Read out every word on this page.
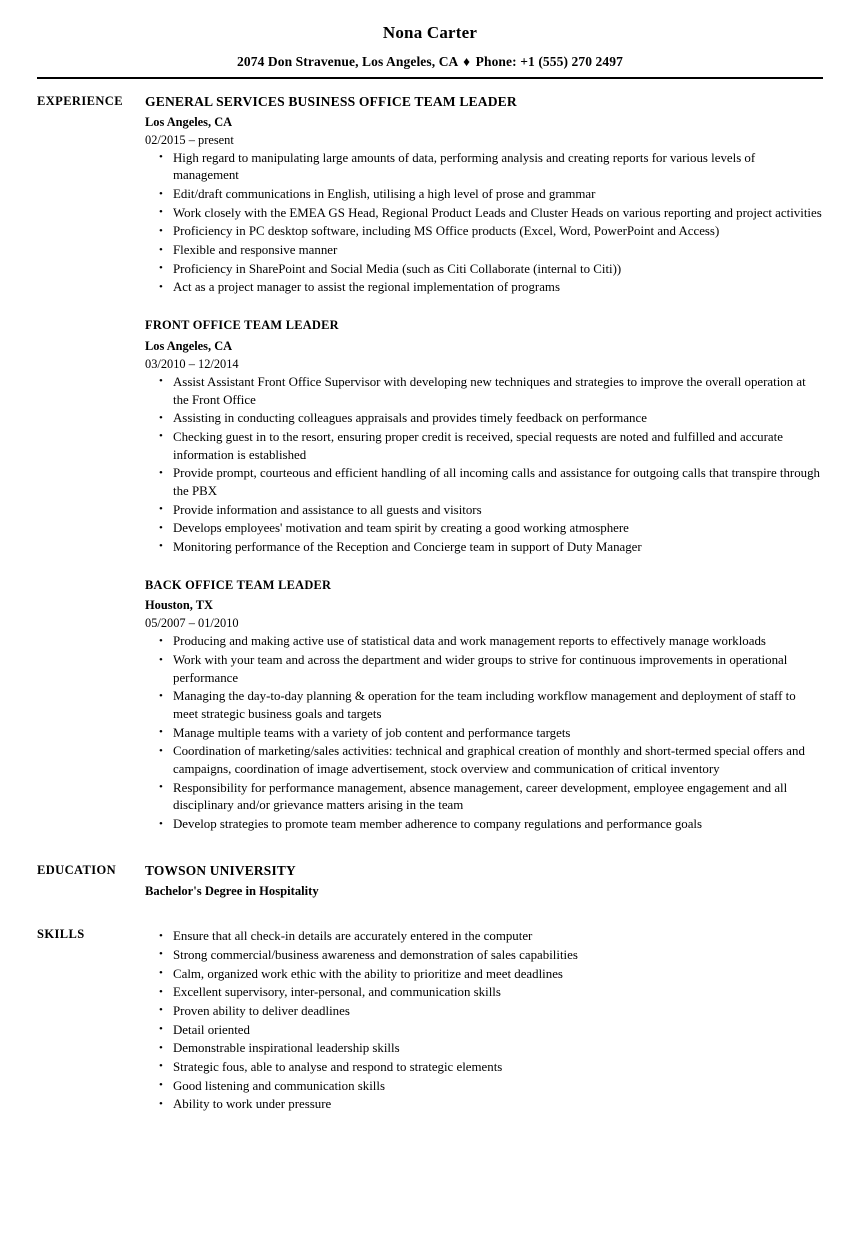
Nona Carter
2074 Don Stravenue, Los Angeles, CA ♦ Phone: +1 (555) 270 2497
EXPERIENCE	GENERAL SERVICES BUSINESS OFFICE TEAM LEADER
Los Angeles, CA
02/2015 – present
• High regard to manipulating large amounts of data, performing analysis and creating reports for various levels of management
• Edit/draft communications in English, utilising a high level of prose and grammar
• Work closely with the EMEA GS Head, Regional Product Leads and Cluster Heads on various reporting and project activities
• Proficiency in PC desktop software, including MS Office products (Excel, Word, PowerPoint and Access)
• Flexible and responsive manner
• Proficiency in SharePoint and Social Media (such as Citi Collaborate (internal to Citi))
• Act as a project manager to assist the regional implementation of programs
FRONT OFFICE TEAM LEADER
Los Angeles, CA
03/2010 – 12/2014
• Assist Assistant Front Office Supervisor with developing new techniques and strategies to improve the overall operation at the Front Office
• Assisting in conducting colleagues appraisals and provides timely feedback on performance
• Checking guest in to the resort, ensuring proper credit is received, special requests are noted and fulfilled and accurate information is established
• Provide prompt, courteous and efficient handling of all incoming calls and assistance for outgoing calls that transpire through the PBX
• Provide information and assistance to all guests and visitors
• Develops employees' motivation and team spirit by creating a good working atmosphere
• Monitoring performance of the Reception and Concierge team in support of Duty Manager
BACK OFFICE TEAM LEADER
Houston, TX
05/2007 – 01/2010
• Producing and making active use of statistical data and work management reports to effectively manage workloads
• Work with your team and across the department and wider groups to strive for continuous improvements in operational performance
• Managing the day-to-day planning & operation for the team including workflow management and deployment of staff to meet strategic business goals and targets
• Manage multiple teams with a variety of job content and performance targets
• Coordination of marketing/sales activities: technical and graphical creation of monthly and short-termed special offers and campaigns, coordination of image advertisement, stock overview and communication of critical inventory
• Responsibility for performance management, absence management, career development, employee engagement and all disciplinary and/or grievance matters arising in the team
• Develop strategies to promote team member adherence to company regulations and performance goals
EDUCATION	TOWSON UNIVERSITY
Bachelor's Degree in Hospitality
SKILLS	• Ensure that all check-in details are accurately entered in the computer
• Strong commercial/business awareness and demonstration of sales capabilities
• Calm, organized work ethic with the ability to prioritize and meet deadlines
• Excellent supervisory, inter-personal, and communication skills
• Proven ability to deliver deadlines
• Detail oriented
• Demonstrable inspirational leadership skills
• Strategic fous, able to analyse and respond to strategic elements
• Good listening and communication skills
• Ability to work under pressure
